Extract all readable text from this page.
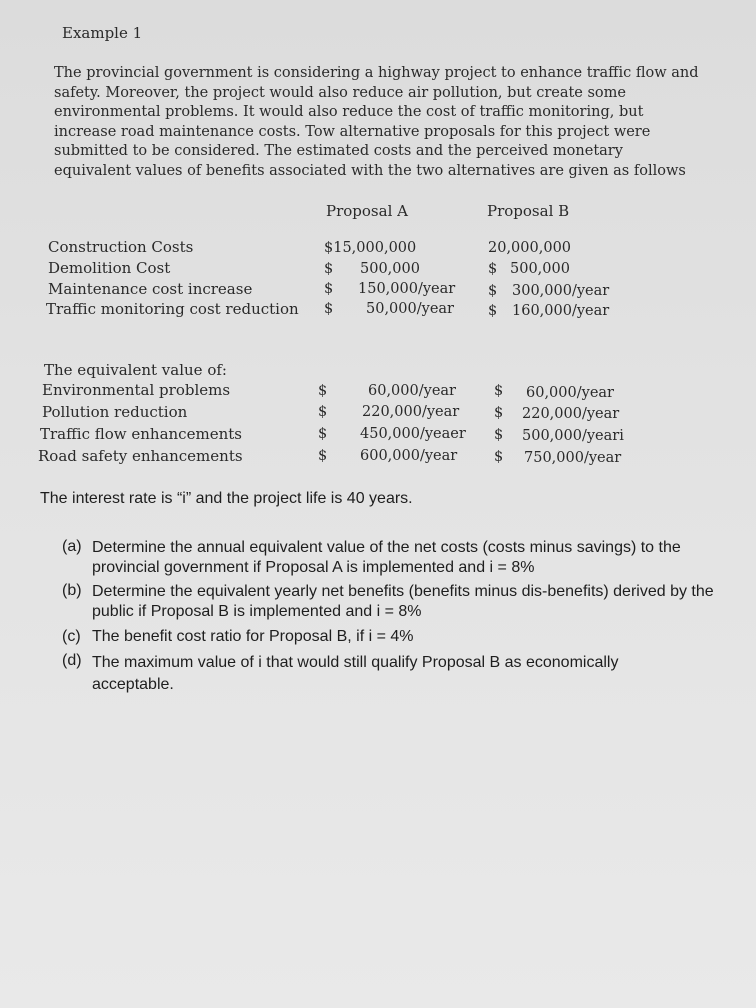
Example 1
The provincial government is considering a highway project to enhance traffic flow and safety. Moreover, the project would also reduce air pollution, but create some environmental problems. It would also reduce the cost of traffic monitoring, but increase road maintenance costs. Tow alternative proposals for this project were submitted to be considered. The estimated costs and the perceived monetary equivalent values of benefits associated with the two alternatives are given as follows
Proposal A	Proposal B
Construction Costs	$15,000,000	20,000,000
Demolition Cost	$ 500,000	$ 500,000
Maintenance cost increase	$ 150,000/year $ 300,000/year
Traffic monitoring cost reduction $ 50,000/year $ 160,000/year
The equivalent value of:
Environmental problems	$	60,000/year	$ 60,000/year
Pollution reduction	$ 220,000/year $ 220,000/year
Traffic flow enhancements	$ 450,000/yeaer $ 500,000/yeari
Road safety enhancements	$ 600,000/year	$ 750,000/year
The interest rate is “i” and the project life is 40 years.
(a) Determine the annual equivalent value of the net costs (costs minus savings) to the provincial government if Proposal A is implemented and i = 8%
(b) Determine the equivalent yearly net benefits (benefits minus dis-benefits) derived by the public if Proposal B is implemented and i = 8%
(c) The benefit cost ratio for Proposal B, if i = 4%
(d) The maximum value of i that would still qualify Proposal B as economically acceptable.
